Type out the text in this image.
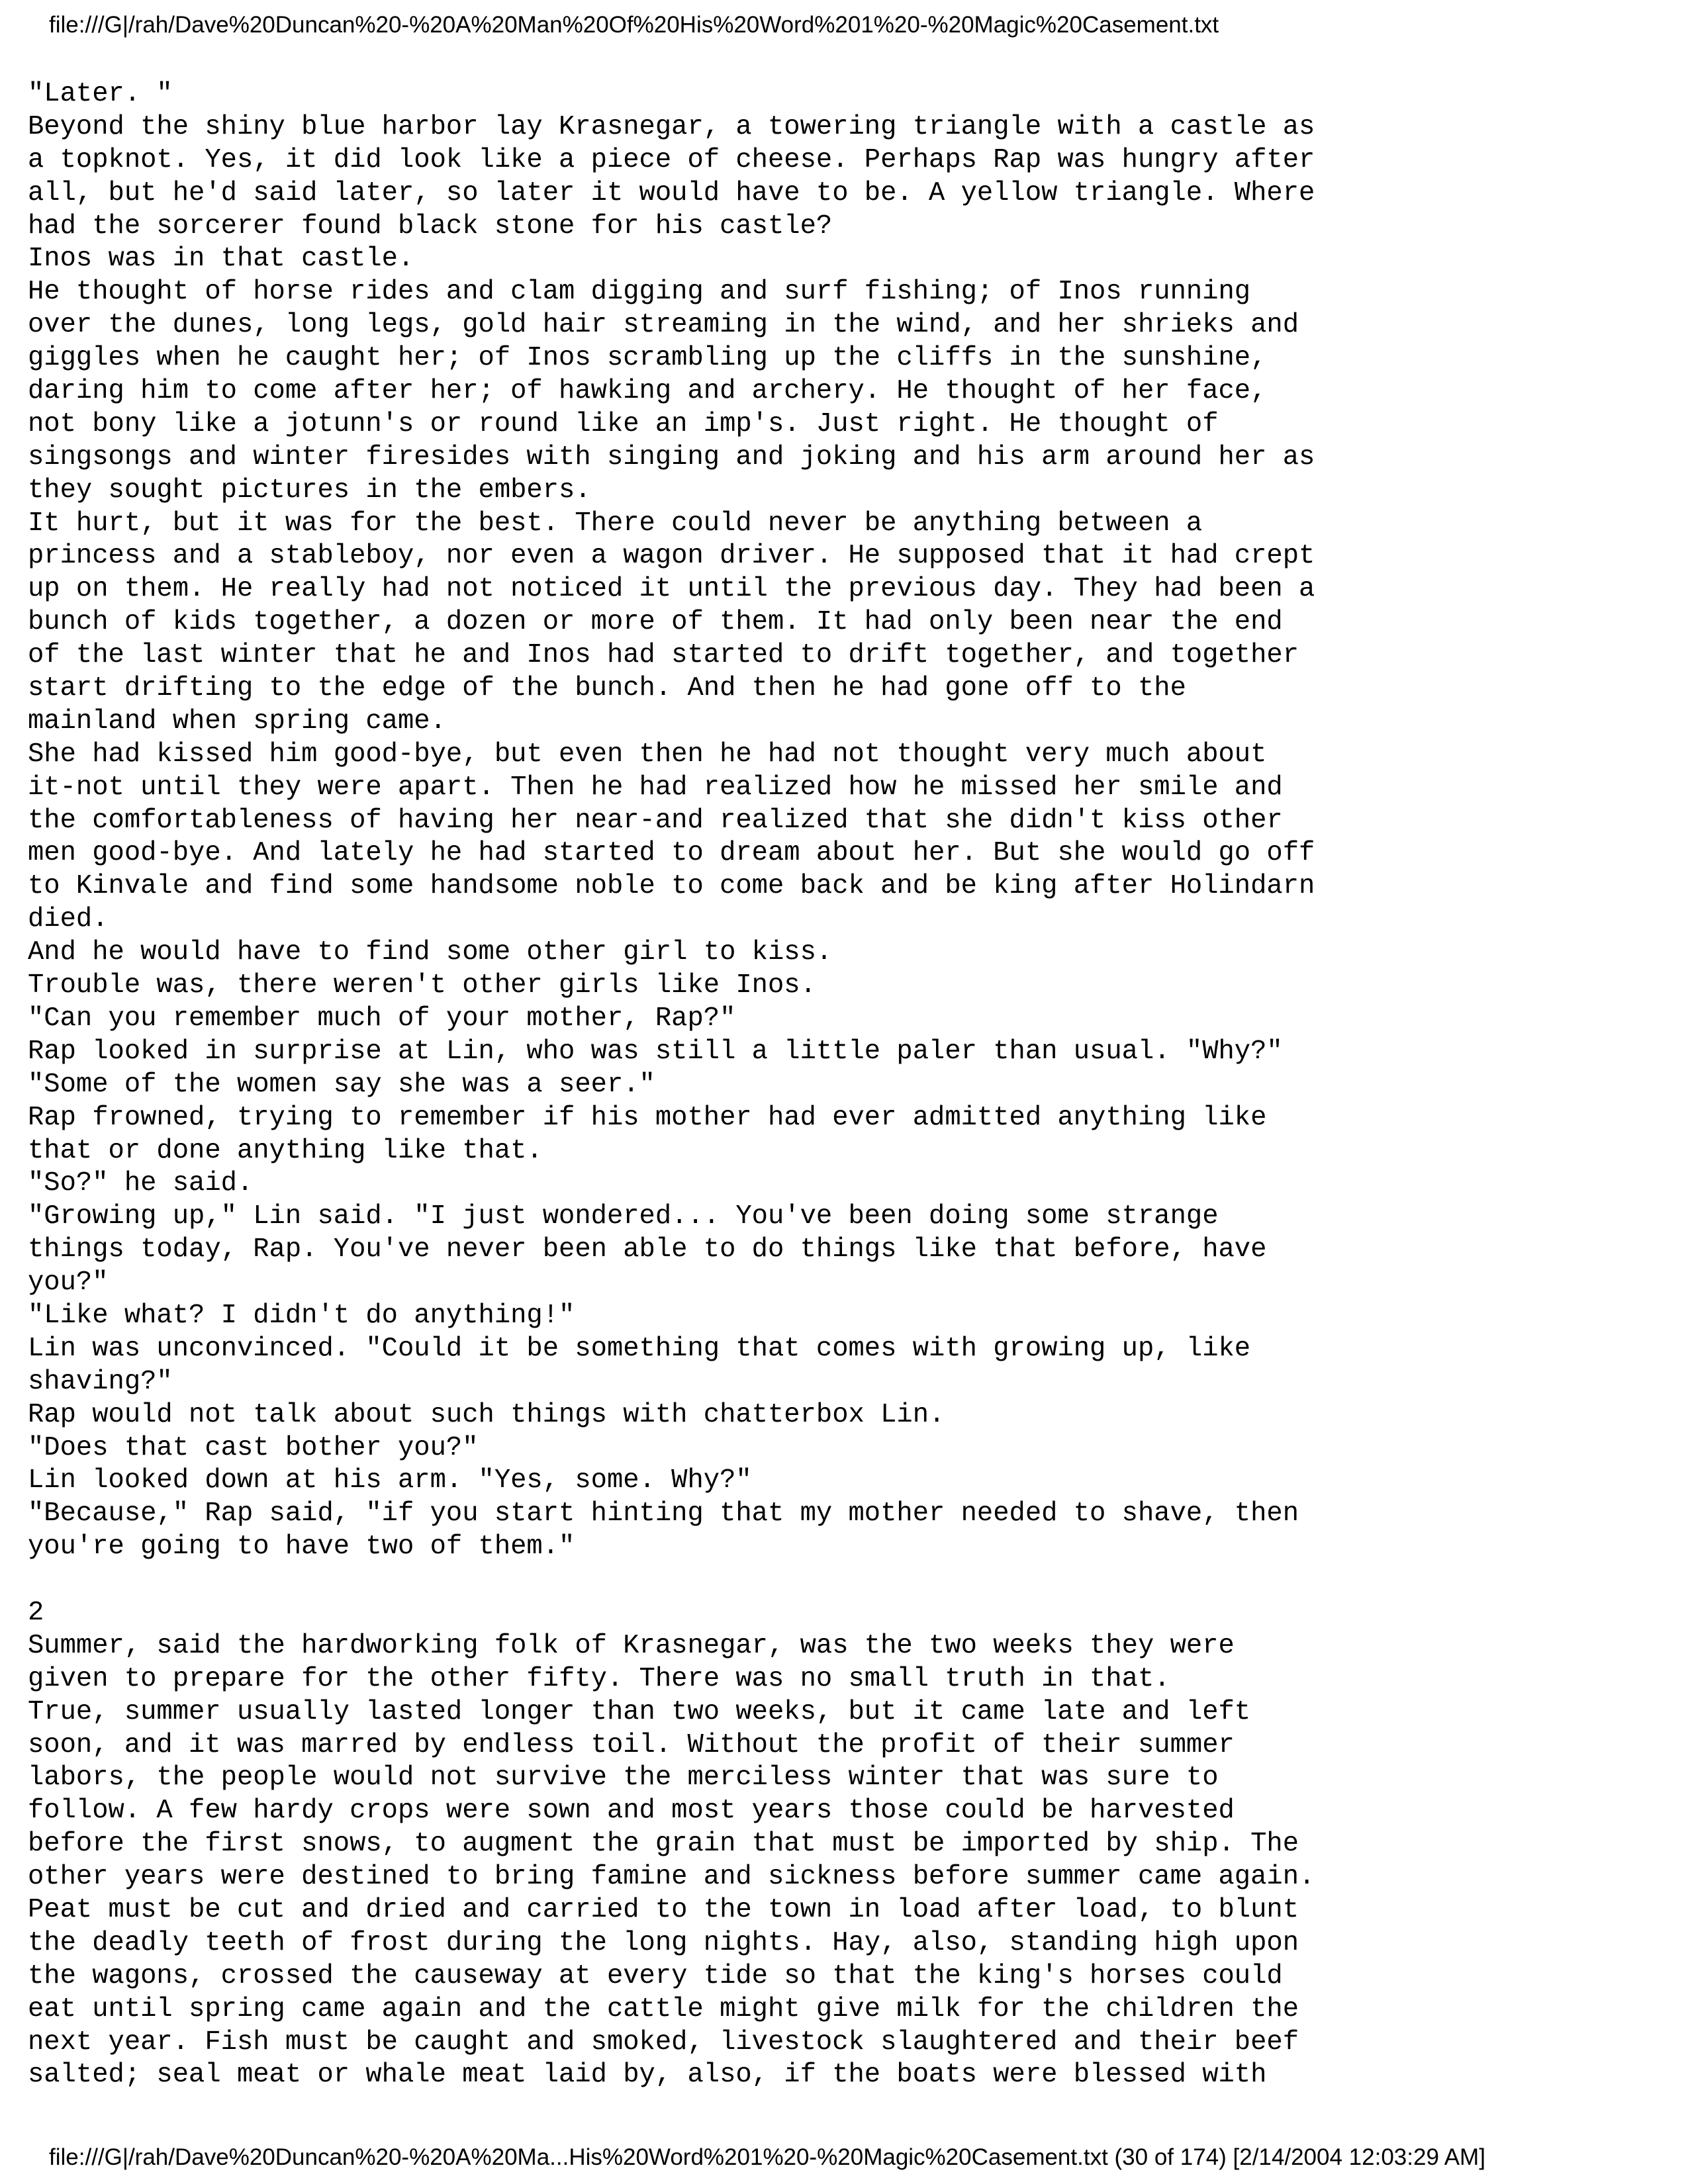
file:///G|/rah/Dave%20Duncan%20-%20A%20Man%20Of%20His%20Word%201%20-%20Magic%20Casement.txt
"Later. "
Beyond the shiny blue harbor lay Krasnegar, a towering triangle with a castle as
a topknot. Yes, it did look like a piece of cheese. Perhaps Rap was hungry after
all, but he'd said later, so later it would have to be. A yellow triangle. Where
had the sorcerer found black stone for his castle?
Inos was in that castle.
He thought of horse rides and clam digging and surf fishing; of Inos running
over the dunes, long legs, gold hair streaming in the wind, and her shrieks and
giggles when he caught her; of Inos scrambling up the cliffs in the sunshine,
daring him to come after her; of hawking and archery. He thought of her face,
not bony like a jotunn's or round like an imp's. Just right. He thought of
singsongs and winter firesides with singing and joking and his arm around her as
they sought pictures in the embers.
It hurt, but it was for the best. There could never be anything between a
princess and a stableboy, nor even a wagon driver. He supposed that it had crept
up on them. He really had not noticed it until the previous day. They had been a
bunch of kids together, a dozen or more of them. It had only been near the end
of the last winter that he and Inos had started to drift together, and together
start drifting to the edge of the bunch. And then he had gone off to the
mainland when spring came.
She had kissed him good-bye, but even then he had not thought very much about
it-not until they were apart. Then he had realized how he missed her smile and
the comfortableness of having her near-and realized that she didn't kiss other
men good-bye. And lately he had started to dream about her. But she would go off
to Kinvale and find some handsome noble to come back and be king after Holindarn
died.
And he would have to find some other girl to kiss.
Trouble was, there weren't other girls like Inos.
"Can you remember much of your mother, Rap?"
Rap looked in surprise at Lin, who was still a little paler than usual. "Why?"
"Some of the women say she was a seer."
Rap frowned, trying to remember if his mother had ever admitted anything like
that or done anything like that.
"So?" he said.
"Growing up," Lin said. "I just wondered... You've been doing some strange
things today, Rap. You've never been able to do things like that before, have
you?"
"Like what? I didn't do anything!"
Lin was unconvinced. "Could it be something that comes with growing up, like
shaving?"
Rap would not talk about such things with chatterbox Lin.
"Does that cast bother you?"
Lin looked down at his arm. "Yes, some. Why?"
"Because," Rap said, "if you start hinting that my mother needed to shave, then
you're going to have two of them."
2
Summer, said the hardworking folk of Krasnegar, was the two weeks they were
given to prepare for the other fifty. There was no small truth in that.
True, summer usually lasted longer than two weeks, but it came late and left
soon, and it was marred by endless toil. Without the profit of their summer
labors, the people would not survive the merciless winter that was sure to
follow. A few hardy crops were sown and most years those could be harvested
before the first snows, to augment the grain that must be imported by ship. The
other years were destined to bring famine and sickness before summer came again.
Peat must be cut and dried and carried to the town in load after load, to blunt
the deadly teeth of frost during the long nights. Hay, also, standing high upon
the wagons, crossed the causeway at every tide so that the king's horses could
eat until spring came again and the cattle might give milk for the children the
next year. Fish must be caught and smoked, livestock slaughtered and their beef
salted; seal meat or whale meat laid by, also, if the boats were blessed with
file:///G|/rah/Dave%20Duncan%20-%20A%20Ma...His%20Word%201%20-%20Magic%20Casement.txt (30 of 174) [2/14/2004 12:03:29 AM]
